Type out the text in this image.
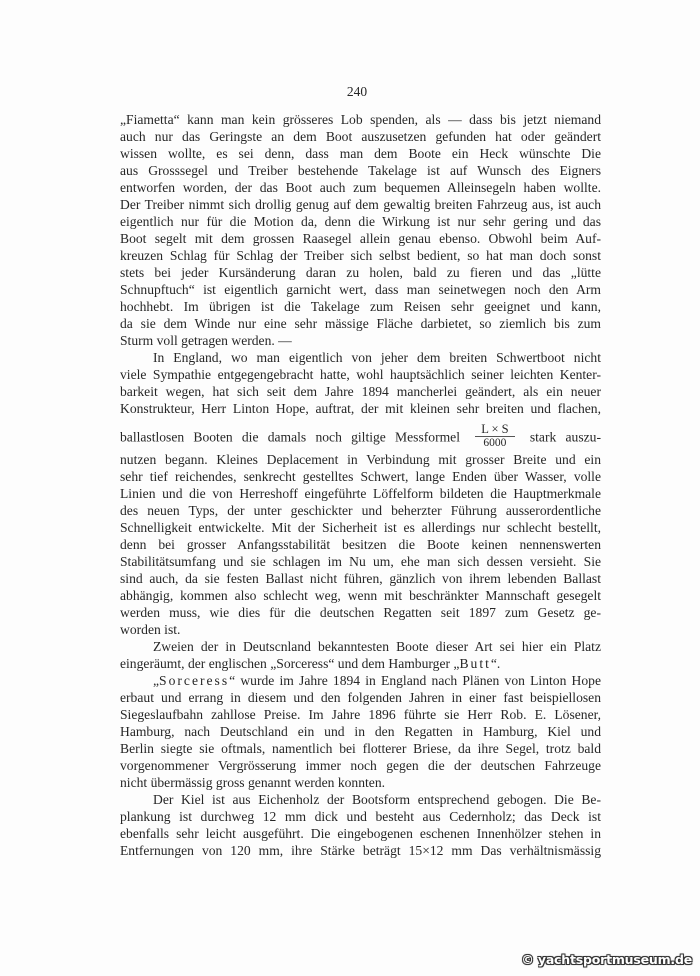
240
„Fiametta“ kann man kein grösseres Lob spenden, als — dass bis jetzt niemand
auch nur das Geringste an dem Boot auszusetzen gefunden hat oder geändert
wissen wollte, es sei denn, dass man dem Boote ein Heck wünschte Die
aus Grosssegel und Treiber bestehende Takelage ist auf Wunsch des Eigners
entworfen worden, der das Boot auch zum bequemen Alleinsegeln haben wollte.
Der Treiber nimmt sich drollig genug auf dem gewaltig breiten Fahrzeug aus, ist auch
eigentlich nur für die Motion da, denn die Wirkung ist nur sehr gering und das
Boot segelt mit dem grossen Raasegel allein genau ebenso. Obwohl beim Auf-
kreuzen Schlag für Schlag der Treiber sich selbst bedient, so hat man doch sonst
stets bei jeder Kursänderung daran zu holen, bald zu fieren und das „lütte
Schnupftuch“ ist eigentlich garnicht wert, dass man seinetwegen noch den Arm
hochhebt. Im übrigen ist die Takelage zum Reisen sehr geeignet und kann,
da sie dem Winde nur eine sehr mässige Fläche darbietet, so ziemlich bis zum
Sturm voll getragen werden. —
In England, wo man eigentlich von jeher dem breiten Schwertboot nicht
viele Sympathie entgegengebracht hatte, wohl hauptsächlich seiner leichten Kenter-
barkeit wegen, hat sich seit dem Jahre 1894 mancherlei geändert, als ein neuer
Konstrukteur, Herr Linton Hope, auftrat, der mit kleinen sehr breiten und flachen,
ballastlosen Booten die damals noch giltige Messformel $\frac{L \times S}{6000}$ stark auszu-
nutzen begann. Kleines Deplacement in Verbindung mit grosser Breite und ein
sehr tief reichendes, senkrecht gestelltes Schwert, lange Enden über Wasser, volle
Linien und die von Herreshoff eingeführte Löffelform bildeten die Hauptmerkmale
des neuen Typs, der unter geschickter und beherzter Führung ausserordentliche
Schnelligkeit entwickelte. Mit der Sicherheit ist es allerdings nur schlecht bestellt,
denn bei grosser Anfangsstabilität besitzen die Boote keinen nennenswerten
Stabilitätsumfang und sie schlagen im Nu um, ehe man sich dessen versieht. Sie
sind auch, da sie festen Ballast nicht führen, gänzlich von ihrem lebenden Ballast
abhängig, kommen also schlecht weg, wenn mit beschränkter Mannschaft gesegelt
werden muss, wie dies für die deutschen Regatten seit 1897 zum Gesetz ge-
worden ist.
Zweien der in Deutscnland bekanntesten Boote dieser Art sei hier ein Platz
eingeräumt, der englischen „Sorceress“ und dem Hamburger „Butt“.
„Sorceress“ wurde im Jahre 1894 in England nach Plänen von Linton Hope
erbaut und errang in diesem und den folgenden Jahren in einer fast beispiellosen
Siegeslaufbahn zahllose Preise. Im Jahre 1896 führte sie Herr Rob. E. Lösener,
Hamburg, nach Deutschland ein und in den Regatten in Hamburg, Kiel und
Berlin siegte sie oftmals, namentlich bei flotterer Briese, da ihre Segel, trotz bald
vorgenommener Vergrösserung immer noch gegen die der deutschen Fahrzeuge
nicht übermässig gross genannt werden konnten.
Der Kiel ist aus Eichenholz der Bootsform entsprechend gebogen. Die Be-
plankung ist durchweg 12 mm dick und besteht aus Cedernholz; das Deck ist
ebenfalls sehr leicht ausgeführt. Die eingebogenen eschenen Innenhölzer stehen in
Entfernungen von 120 mm, ihre Stärke beträgt 15×12 mm Das verhältnismässig
© yachtsportmuseum.de
